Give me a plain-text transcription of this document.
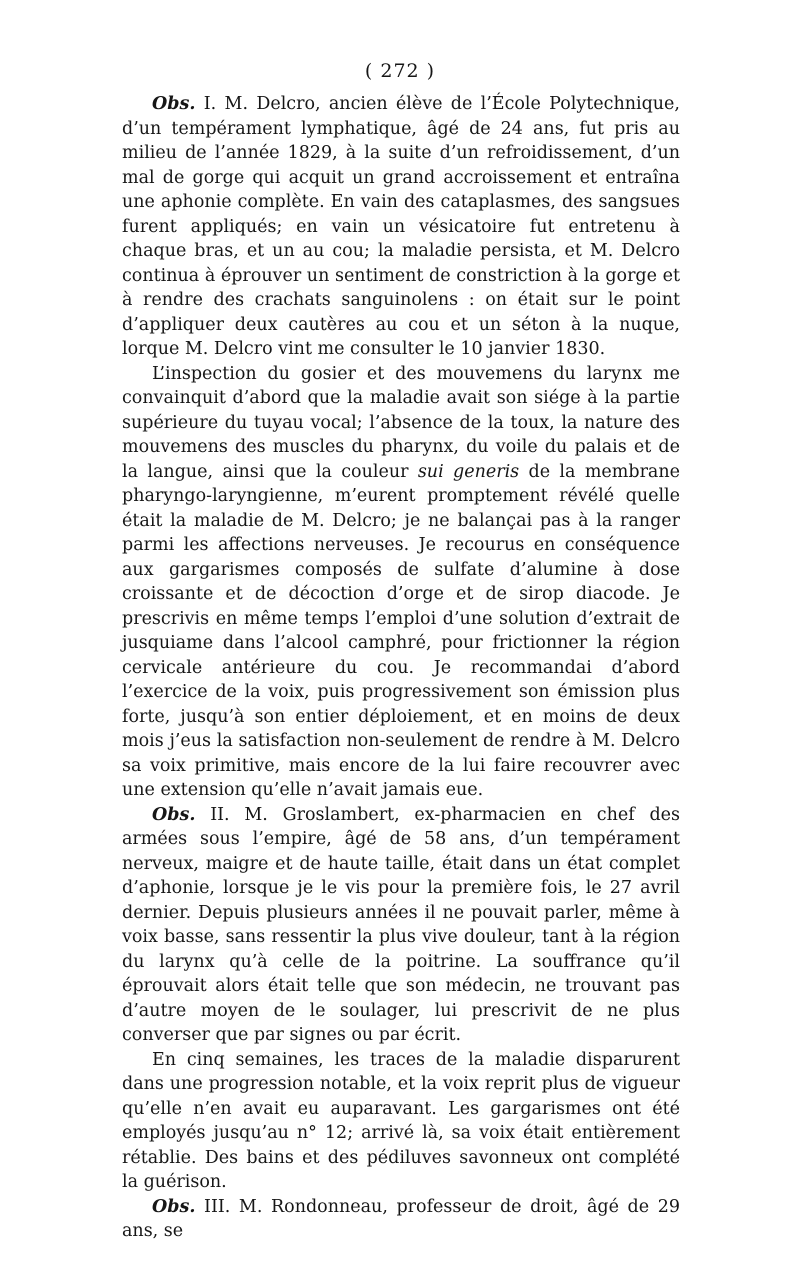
( 272 )

Obs. I. M. Delcro, ancien élève de l’École Polytechnique, d’un tempérament lymphatique, âgé de 24 ans, fut pris au milieu de l’année 1829, à la suite d’un refroidissement, d’un mal de gorge qui acquit un grand accroissement et entraîna une aphonie complète. En vain des cataplasmes, des sangsues furent appliqués; en vain un vésicatoire fut entretenu à chaque bras, et un au cou; la maladie persista, et M. Delcro continua à éprouver un sentiment de constriction à la gorge et à rendre des crachats sanguinolens : on était sur le point d’appliquer deux cautères au cou et un séton à la nuque, lorque M. Delcro vint me consulter le 10 janvier 1830.

L’inspection du gosier et des mouvemens du larynx me convainquit d’abord que la maladie avait son siége à la partie supérieure du tuyau vocal; l’absence de la toux, la nature des mouvemens des muscles du pharynx, du voile du palais et de la langue, ainsi que la couleur sui generis de la membrane pharyngo-laryngienne, m’eurent promptement révélé quelle était la maladie de M. Delcro; je ne balançai pas à la ranger parmi les affections nerveuses. Je recourus en conséquence aux gargarismes composés de sulfate d’alumine à dose croissante et de décoction d’orge et de sirop diacode. Je prescrivis en même temps l’emploi d’une solution d’extrait de jusquiame dans l’alcool camphré, pour frictionner la région cervicale antérieure du cou. Je recommandai d’abord l’exercice de la voix, puis progressivement son émission plus forte, jusqu’à son entier déploiement, et en moins de deux mois j’eus la satisfaction non-seulement de rendre à M. Delcro sa voix primitive, mais encore de la lui faire recouvrer avec une extension qu’elle n’avait jamais eue.

Obs. II. M. Groslambert, ex-pharmacien en chef des armées sous l’empire, âgé de 58 ans, d’un tempérament nerveux, maigre et de haute taille, était dans un état complet d’aphonie, lorsque je le vis pour la première fois, le 27 avril dernier. Depuis plusieurs années il ne pouvait parler, même à voix basse, sans ressentir la plus vive douleur, tant à la région du larynx qu’à celle de la poitrine. La souffrance qu’il éprouvait alors était telle que son médecin, ne trouvant pas d’autre moyen de le soulager, lui prescrivit de ne plus converser que par signes ou par écrit.

En cinq semaines, les traces de la maladie disparurent dans une progression notable, et la voix reprit plus de vigueur qu’elle n’en avait eu auparavant. Les gargarismes ont été employés jusqu’au n° 12; arrivé là, sa voix était entièrement rétablie. Des bains et des pédiluves savonneux ont complété la guérison.

Obs. III. M. Rondonneau, professeur de droit, âgé de 29 ans, se
